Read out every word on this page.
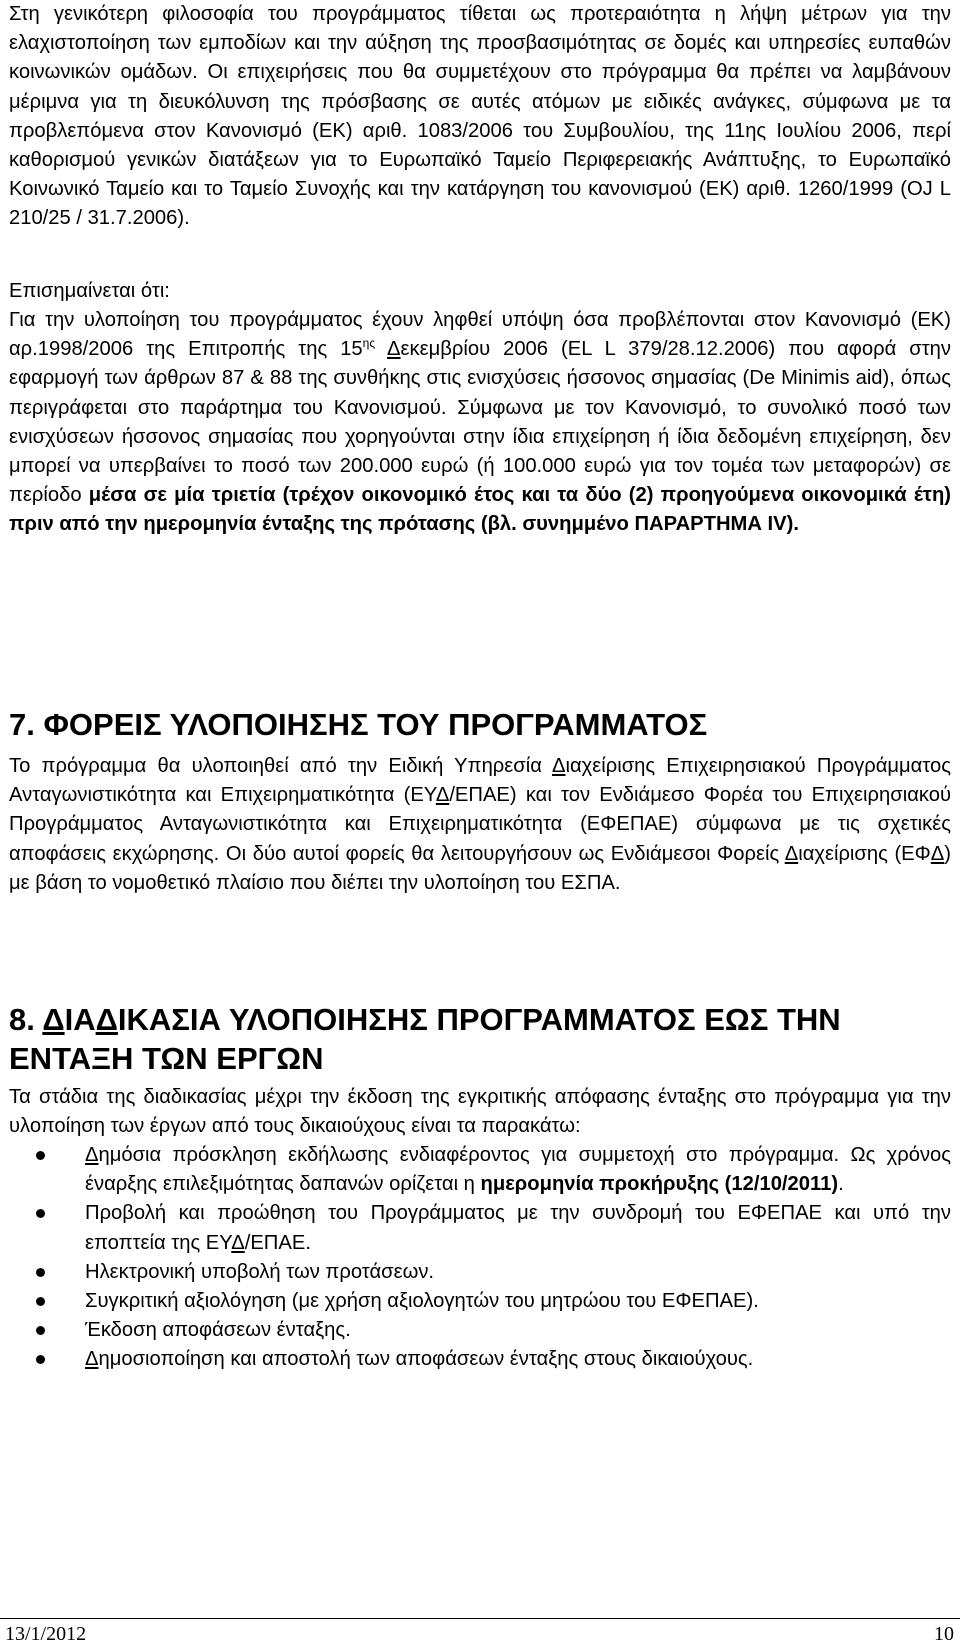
Στη γενικότερη φιλοσοφία του προγράμματος τίθεται ως προτεραιότητα η λήψη μέτρων για την ελαχιστοποίηση των εμποδίων και την αύξηση της προσβασιμότητας σε δομές και υπηρεσίες ευπαθών κοινωνικών ομάδων. Οι επιχειρήσεις που θα συμμετέχουν στο πρόγραμμα θα πρέπει να λαμβάνουν μέριμνα για τη διευκόλυνση της πρόσβασης σε αυτές ατόμων με ειδικές ανάγκες, σύμφωνα με τα προβλεπόμενα στον Κανονισμό (ΕΚ) αριθ. 1083/2006 του Συμβουλίου, της 11ης Ιουλίου 2006, περί καθορισμού γενικών διατάξεων για το Ευρωπαϊκό Ταμείο Περιφερειακής Ανάπτυξης, το Ευρωπαϊκό Κοινωνικό Ταμείο και το Ταμείο Συνοχής και την κατάργηση του κανονισμού (ΕΚ) αριθ. 1260/1999 (OJ L 210/25 / 31.7.2006).

Επισημαίνεται ότι:

Για την υλοποίηση του προγράμματος έχουν ληφθεί υπόψη όσα προβλέπονται στον Κανονισμό (ΕΚ) αρ.1998/2006 της Επιτροπής της $15^{\eta\varsigma}$ Δεκεμβρίου 2006 (EL L 379/28.12.2006) που αφορά στην εφαρμογή των άρθρων 87 & 88 της συνθήκης στις ενισχύσεις ήσσονος σημασίας (De Minimis aid), όπως περιγράφεται στο παράρτημα του Κανονισμού. Σύμφωνα με τον Κανονισμό, το συνολικό ποσό των ενισχύσεων ήσσονος σημασίας που χορηγούνται στην ίδια επιχείρηση ή ίδια δεδομένη επιχείρηση, δεν μπορεί να υπερβαίνει το ποσό των 200.000 ευρώ (ή 100.000 ευρώ για τον τομέα των μεταφορών) σε περίοδο μέσα σε μία τριετία (τρέχον οικονομικό έτος και τα δύο (2) προηγούμενα οικονομικά έτη) πριν από την ημερομηνία ένταξης της πρότασης (βλ. συνημμένο ΠΑΡΑΡΤΗΜΑ IV).

7. ΦΟΡΕΙΣ ΥΛΟΠΟΙΗΣΗΣ ΤΟΥ ΠΡΟΓΡΑΜΜΑΤΟΣ

Το πρόγραμμα θα υλοποιηθεί από την Ειδική Υπηρεσία Διαχείρισης Επιχειρησιακού Προγράμματος Ανταγωνιστικότητα και Επιχειρηματικότητα (ΕΥΔ/ΕΠΑΕ) και τον Ενδιάμεσο Φορέα του Επιχειρησιακού Προγράμματος Ανταγωνιστικότητα και Επιχειρηματικότητα (ΕΦΕΠΑΕ) σύμφωνα με τις σχετικές αποφάσεις εκχώρησης. Οι δύο αυτοί φορείς θα λειτουργήσουν ως Ενδιάμεσοι Φορείς Διαχείρισης (ΕΦΔ) με βάση το νομοθετικό πλαίσιο που διέπει την υλοποίηση του ΕΣΠΑ.

8. ΔΙΑΔΙΚΑΣΙΑ ΥΛΟΠΟΙΗΣΗΣ ΠΡΟΓΡΑΜΜΑΤΟΣ ΕΩΣ ΤΗΝ ΕΝΤΑΞΗ ΤΩΝ ΕΡΓΩΝ

Τα στάδια της διαδικασίας μέχρι την έκδοση της εγκριτικής απόφασης ένταξης στο πρόγραμμα για την υλοποίηση των έργων από τους δικαιούχους είναι τα παρακάτω:

Δημόσια πρόσκληση εκδήλωσης ενδιαφέροντος για συμμετοχή στο πρόγραμμα. Ως χρόνος έναρξης επιλεξιμότητας δαπανών ορίζεται η ημερομηνία προκήρυξης (12/10/2011).
Προβολή και προώθηση του Προγράμματος με την συνδρομή του ΕΦΕΠΑΕ και υπό την εποπτεία της ΕΥΔ/ΕΠΑΕ.
Ηλεκτρονική υποβολή των προτάσεων.
Συγκριτική αξιολόγηση (με χρήση αξιολογητών του μητρώου του ΕΦΕΠΑΕ).
Έκδοση αποφάσεων ένταξης.
Δημοσιοποίηση και αποστολή των αποφάσεων ένταξης στους δικαιούχους.
13/1/2012	10
